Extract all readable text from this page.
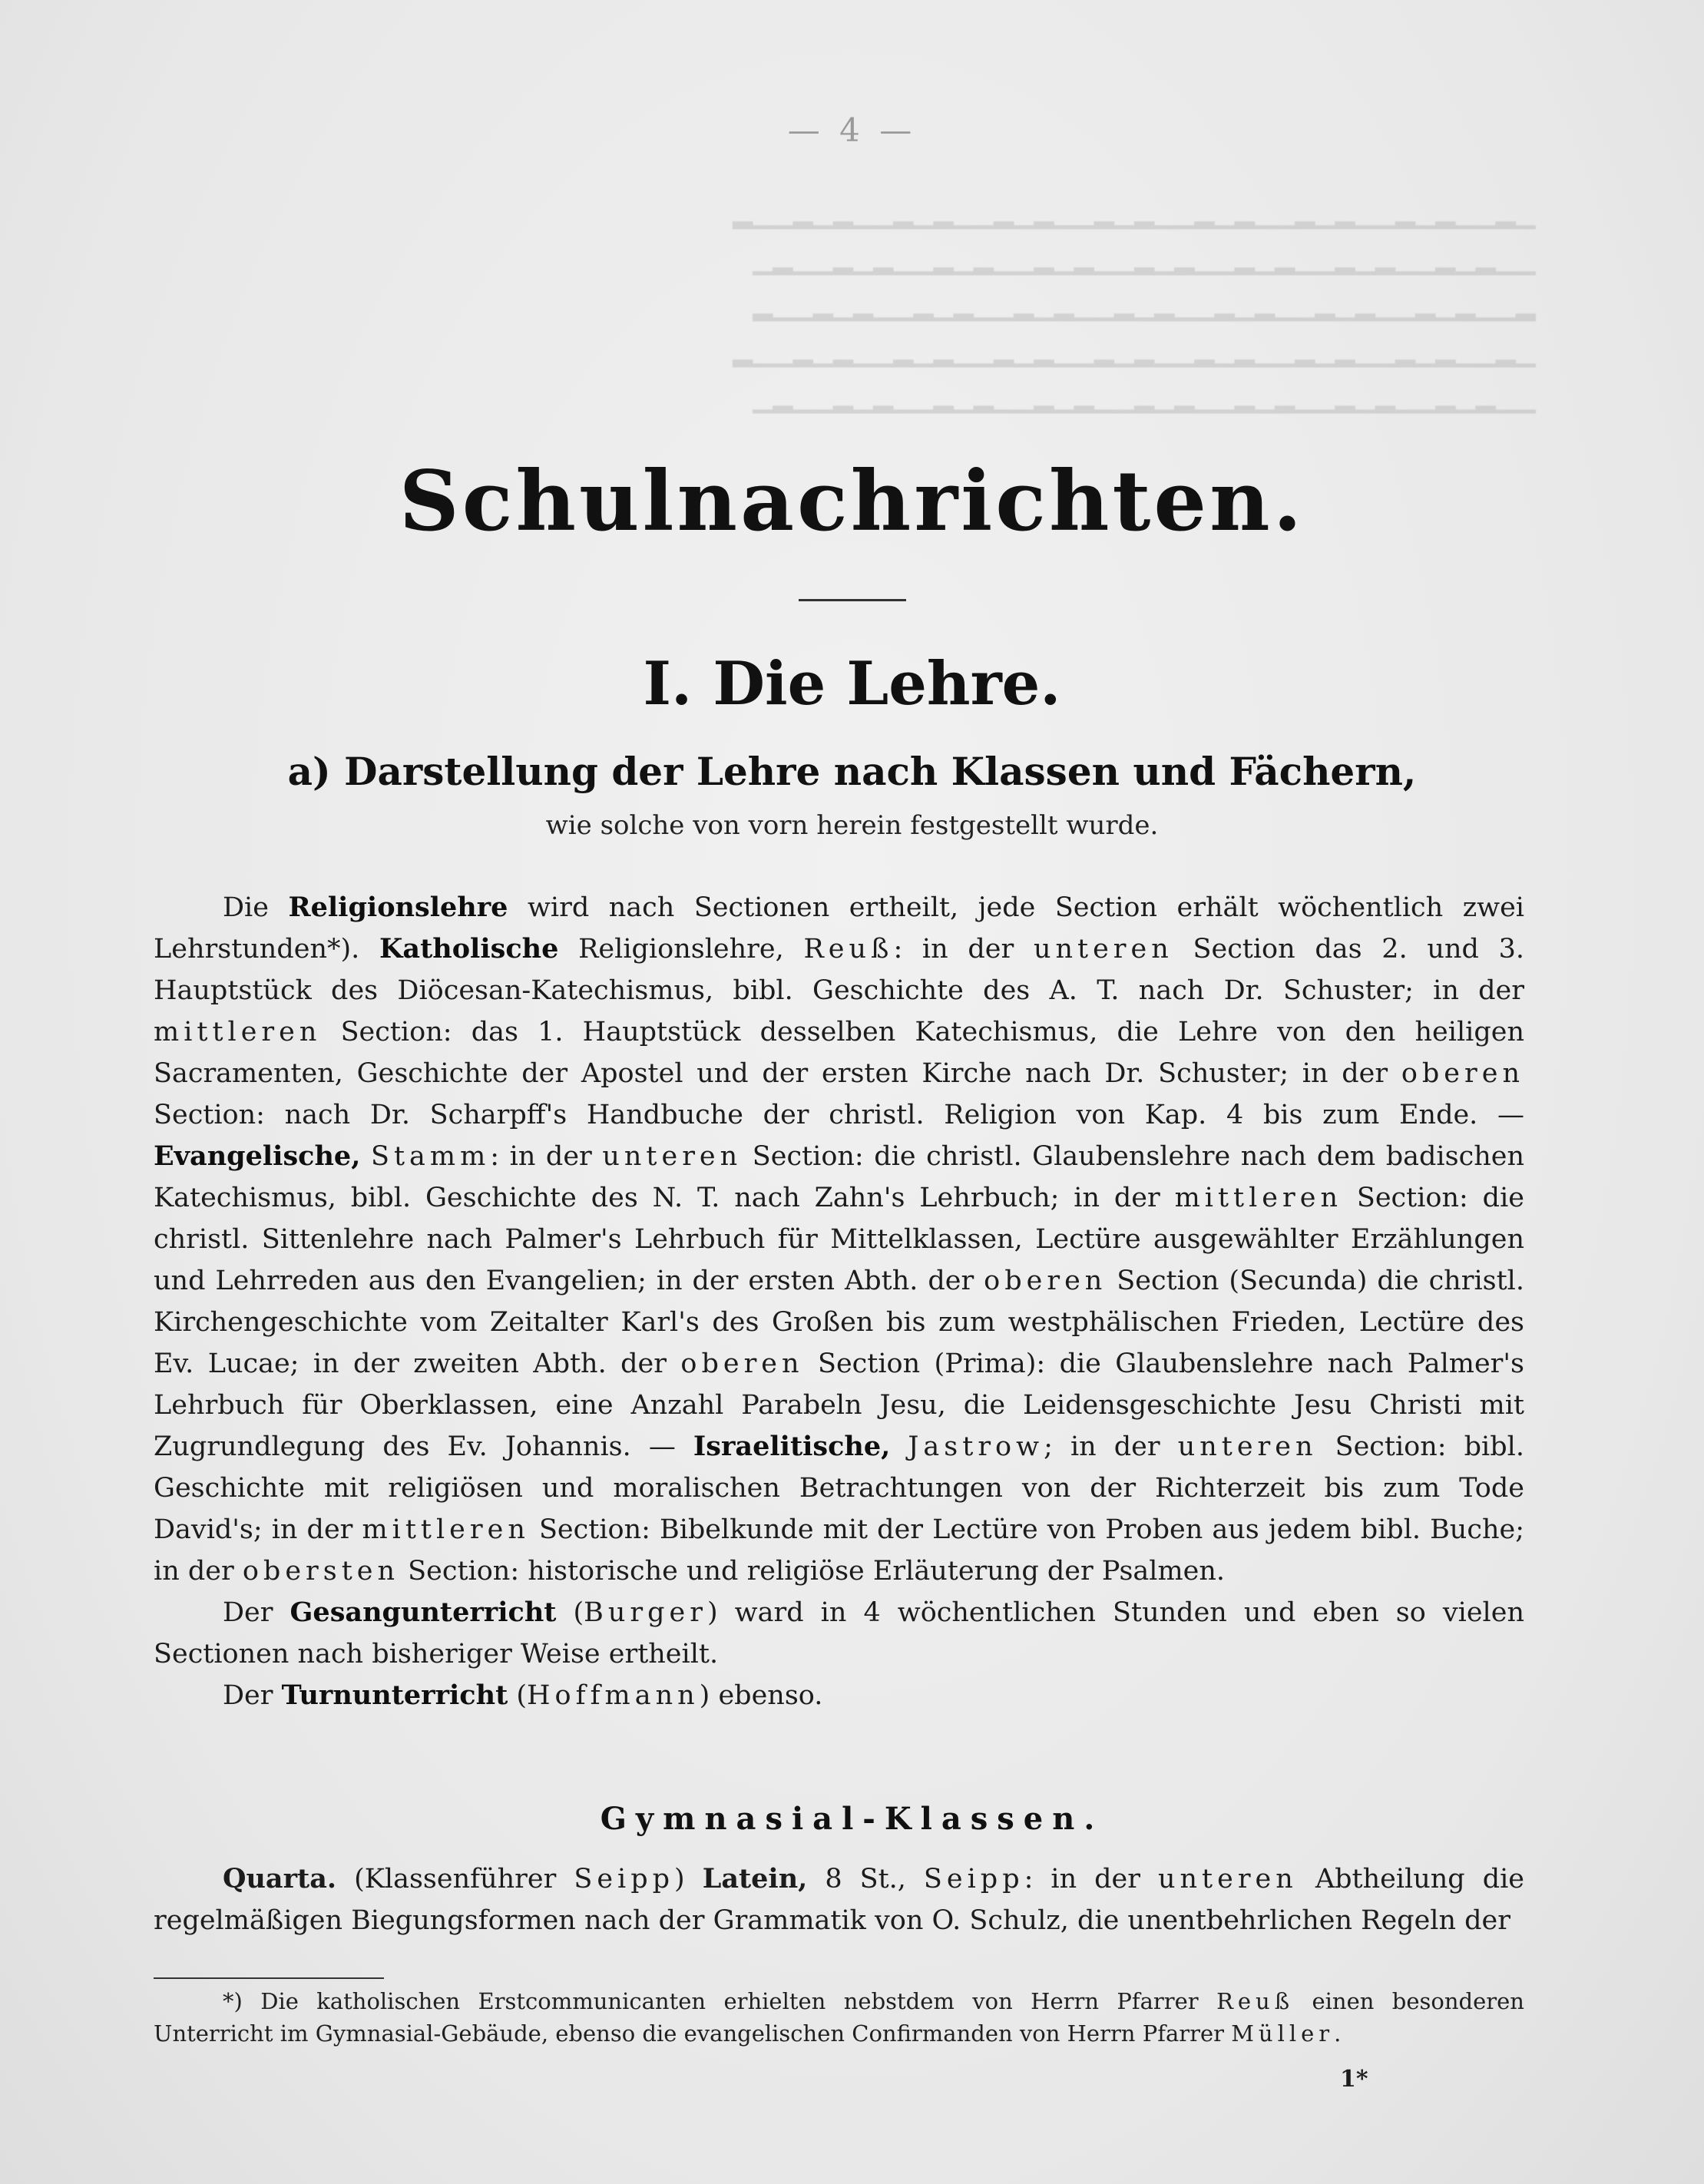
— 4 —
▁▂▁▁▂▁▂▁▁▂▁▂▁▁▂▁▂▁▁▂▁▂▁▁▂▁▂▁▁▂▁▂▁▁▂▁▂▁▁▂
▁▁▂▁▂▁▁▂▁▂▁▁▂▁▂▁▁▂▁▂▁▁▂▁▂▁▁▂▁▂▁▁▂▁▂▁▁▂▁
▂▁▁▂▁▂▁▁▂▁▂▁▁▂▁▂▁▁▂▁▂▁▁▂▁▂▁▁▂▁▂▁▁▂▁▂▁▁▂
▁▂▁▁▂▁▂▁▁▂▁▂▁▁▂▁▂▁▁▂▁▂▁▁▂▁▂▁▁▂▁▂▁▁▂▁▂▁▁▂
▁▁▂▁▂▁▁▂▁▂▁▁▂▁▂▁▁▂▁▂▁▁▂▁▂▁▁▂▁▂▁▁▂▁▂▁▁▂▁
Schulnachrichten.
I. Die Lehre.
a) Darstellung der Lehre nach Klassen und Fächern,
wie solche von vorn herein festgestellt wurde.

Die Religionslehre wird nach Sectionen ertheilt, jede Section erhält wöchentlich zwei Lehrstunden*). Katholische Religionslehre, Reuß: in der unteren Section das 2. und 3. Hauptstück des Diöcesan-Katechismus, bibl. Geschichte des A. T. nach Dr. Schuster; in der mittleren Section: das 1. Hauptstück desselben Katechismus, die Lehre von den heiligen Sacramenten, Geschichte der Apostel und der ersten Kirche nach Dr. Schuster; in der oberen Section: nach Dr. Scharpff's Handbuche der christl. Religion von Kap. 4 bis zum Ende. — Evangelische, Stamm: in der unteren Section: die christl. Glaubenslehre nach dem badischen Katechismus, bibl. Geschichte des N. T. nach Zahn's Lehrbuch; in der mittleren Section: die christl. Sittenlehre nach Palmer's Lehrbuch für Mittelklassen, Lectüre ausgewählter Erzählungen und Lehrreden aus den Evangelien; in der ersten Abth. der oberen Section (Secunda) die christl. Kirchengeschichte vom Zeitalter Karl's des Großen bis zum westphälischen Frieden, Lectüre des Ev. Lucae; in der zweiten Abth. der oberen Section (Prima): die Glaubenslehre nach Palmer's Lehrbuch für Oberklassen, eine Anzahl Parabeln Jesu, die Leidensgeschichte Jesu Christi mit Zugrundlegung des Ev. Johannis. — Israelitische, Jastrow; in der unteren Section: bibl. Geschichte mit religiösen und moralischen Betrachtungen von der Richterzeit bis zum Tode David's; in der mittleren Section: Bibelkunde mit der Lectüre von Proben aus jedem bibl. Buche; in der obersten Section: historische und religiöse Erläuterung der Psalmen.

Der Gesangunterricht (Burger) ward in 4 wöchentlichen Stunden und eben so vielen Sectionen nach bisheriger Weise ertheilt.

Der Turnunterricht (Hoffmann) ebenso.

Gymnasial-Klassen.

Quarta. (Klassenführer Seipp) Latein, 8 St., Seipp: in der unteren Abtheilung die regelmäßigen Biegungsformen nach der Grammatik von O. Schulz, die unentbehrlichen Regeln der

*) Die katholischen Erstcommunicanten erhielten nebstdem von Herrn Pfarrer Reuß einen besonderen Unterricht im Gymnasial-Gebäude, ebenso die evangelischen Confirmanden von Herrn Pfarrer Müller.
1*
